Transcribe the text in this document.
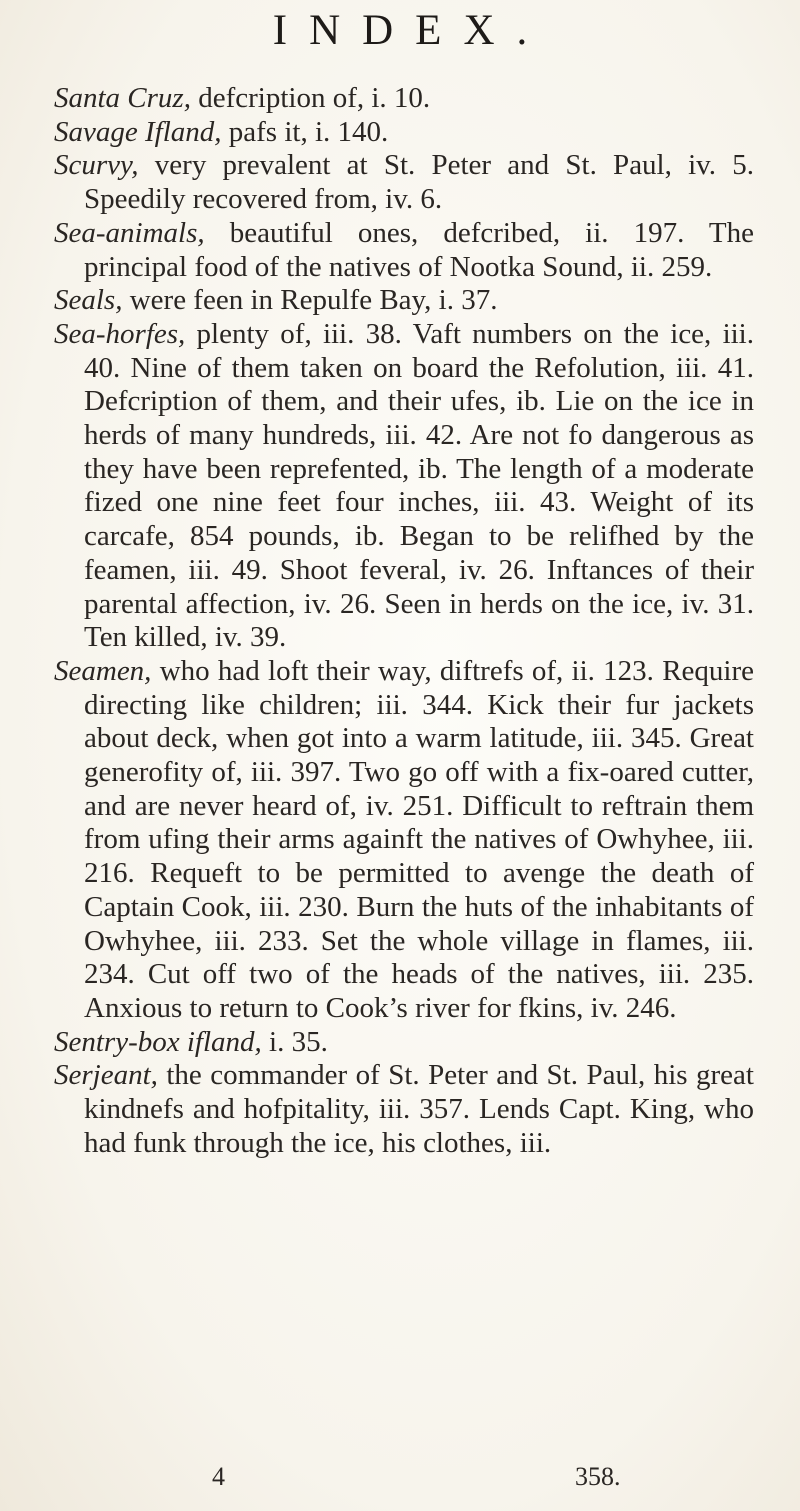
INDEX.

Santa Cruz, defcription of, i. 10.

Savage Ifland, pafs it, i. 140.

Scurvy, very prevalent at St. Peter and St. Paul, iv. 5. Speedily recovered from, iv. 6.

Sea-animals, beautiful ones, defcribed, ii. 197. The principal food of the natives of Nootka Sound, ii. 259.

Seals, were feen in Repulfe Bay, i. 37.

Sea-horfes, plenty of, iii. 38. Vaft numbers on the ice, iii. 40. Nine of them taken on board the Refolution, iii. 41. Defcription of them, and their ufes, ib. Lie on the ice in herds of many hundreds, iii. 42. Are not fo dangerous as they have been reprefented, ib. The length of a moderate fized one nine feet four inches, iii. 43. Weight of its carcafe, 854 pounds, ib. Began to be relifhed by the feamen, iii. 49. Shoot feveral, iv. 26. Inftances of their parental affection, iv. 26. Seen in herds on the ice, iv. 31. Ten killed, iv. 39.

Seamen, who had loft their way, diftrefs of, ii. 123. Require directing like children; iii. 344. Kick their fur jackets about deck, when got into a warm latitude, iii. 345. Great generofity of, iii. 397. Two go off with a fix-oared cutter, and are never heard of, iv. 251. Difficult to reftrain them from ufing their arms againft the natives of Owhyhee, iii. 216. Requeft to be permitted to avenge the death of Captain Cook, iii. 230. Burn the huts of the inhabitants of Owhyhee, iii. 233. Set the whole village in flames, iii. 234. Cut off two of the heads of the natives, iii. 235. Anxious to return to Cook’s river for fkins, iv. 246.

Sentry-box ifland, i. 35.

Serjeant, the commander of St. Peter and St. Paul, his great kindnefs and hofpitality, iii. 357. Lends Capt. King, who had funk through the ice, his clothes, iii.

4	358.
